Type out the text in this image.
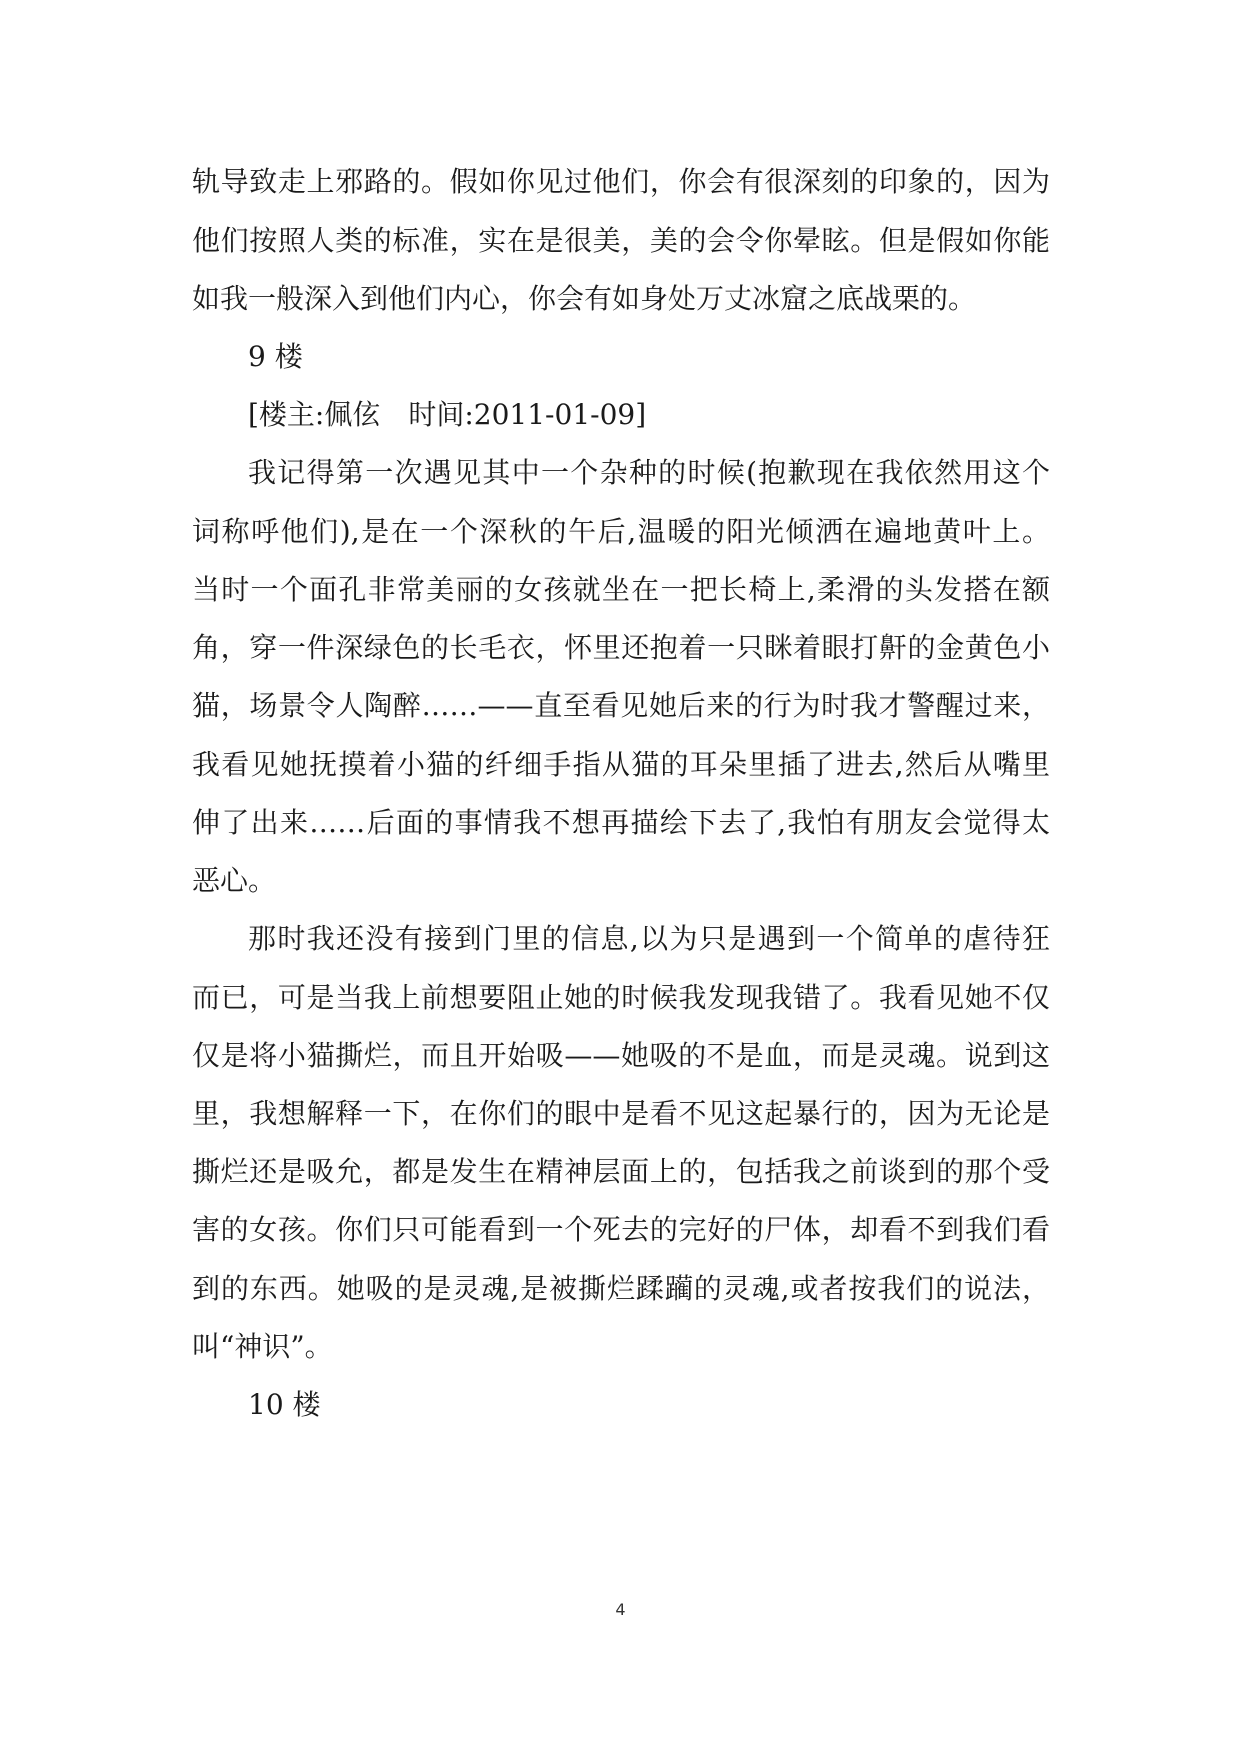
轨导致走上邪路的。假如你见过他们，你会有很深刻的印象的，因为
他们按照人类的标准，实在是很美，美的会令你晕眩。但是假如你能
如我一般深入到他们内心，你会有如身处万丈冰窟之底战栗的。
9 楼
[楼主:佩伭　时间:2011-01-09]
我记得第一次遇见其中一个杂种的时候(抱歉现在我依然用这个
词称呼他们),是在一个深秋的午后,温暖的阳光倾洒在遍地黄叶上。
当时一个面孔非常美丽的女孩就坐在一把长椅上,柔滑的头发搭在额
角，穿一件深绿色的长毛衣，怀里还抱着一只眯着眼打鼾的金黄色小
猫，场景令人陶醉……——直至看见她后来的行为时我才警醒过来，
我看见她抚摸着小猫的纤细手指从猫的耳朵里插了进去,然后从嘴里
伸了出来……后面的事情我不想再描绘下去了,我怕有朋友会觉得太
恶心。
那时我还没有接到门里的信息,以为只是遇到一个简单的虐待狂
而已，可是当我上前想要阻止她的时候我发现我错了。我看见她不仅
仅是将小猫撕烂，而且开始吸——她吸的不是血，而是灵魂。说到这
里，我想解释一下，在你们的眼中是看不见这起暴行的，因为无论是
撕烂还是吸允，都是发生在精神层面上的，包括我之前谈到的那个受
害的女孩。你们只可能看到一个死去的完好的尸体，却看不到我们看
到的东西。她吸的是灵魂,是被撕烂蹂躏的灵魂,或者按我们的说法，
叫“神识”。
10 楼
4
